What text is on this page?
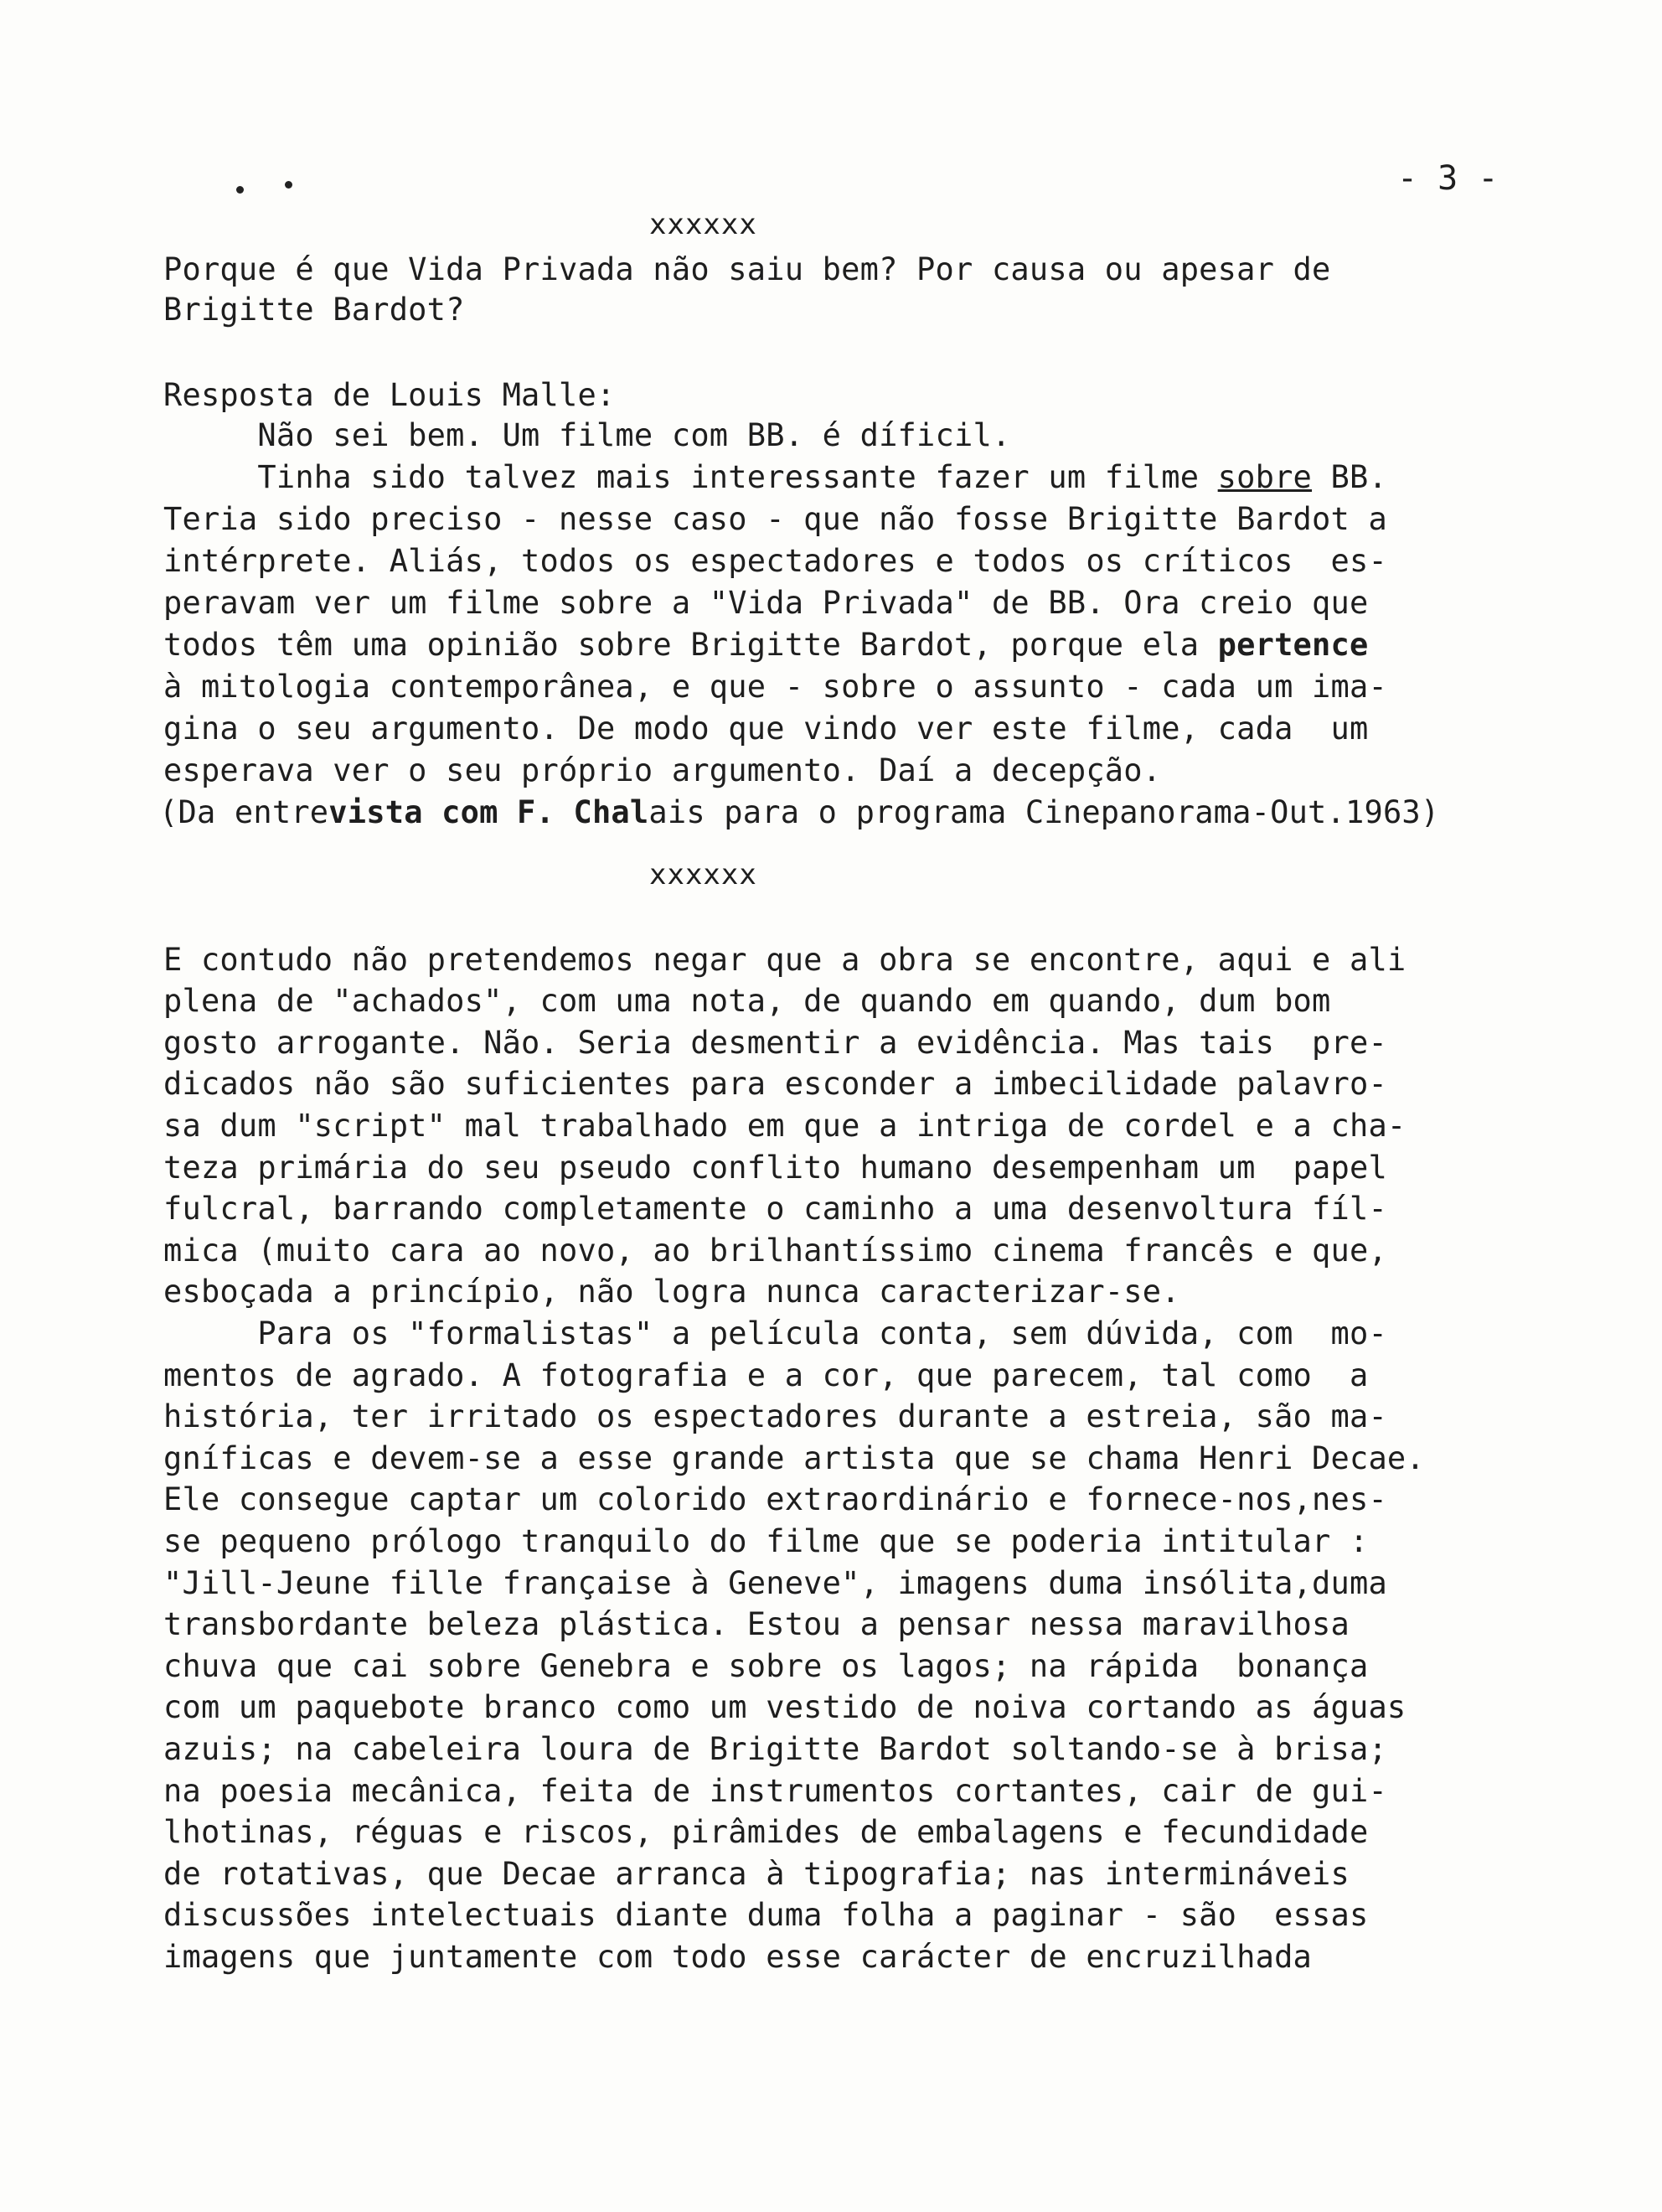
- 3 -
xxxxxx
Porque é que Vida Privada não saiu bem? Por causa ou apesar de
Brigitte Bardot?
Resposta de Louis Malle:
Não sei bem. Um filme com BB. é díficil.
Tinha sido talvez mais interessante fazer um filme sobre BB.
Teria sido preciso - nesse caso - que não fosse Brigitte Bardot a
intérprete. Aliás, todos os espectadores e todos os críticos  es-
peravam ver um filme sobre a "Vida Privada" de BB. Ora creio que
todos têm uma opinião sobre Brigitte Bardot, porque ela pertence
à mitologia contemporânea, e que - sobre o assunto - cada um ima-
gina o seu argumento. De modo que vindo ver este filme, cada  um
esperava ver o seu próprio argumento. Daí a decepção.
(Da entrevista com F. Chalais para o programa Cinepanorama-Out.1963)
xxxxxx
E contudo não pretendemos negar que a obra se encontre, aqui e ali
plena de "achados", com uma nota, de quando em quando, dum bom
gosto arrogante. Não. Seria desmentir a evidência. Mas tais  pre-
dicados não são suficientes para esconder a imbecilidade palavro-
sa dum "script" mal trabalhado em que a intriga de cordel e a cha-
teza primária do seu pseudo conflito humano desempenham um  papel
fulcral, barrando completamente o caminho a uma desenvoltura fíl-
mica (muito cara ao novo, ao brilhantíssimo cinema francês e que,
esboçada a princípio, não logra nunca caracterizar-se.
Para os "formalistas" a película conta, sem dúvida, com  mo-
mentos de agrado. A fotografia e a cor, que parecem, tal como  a
história, ter irritado os espectadores durante a estreia, são ma-
gníficas e devem-se a esse grande artista que se chama Henri Decae.
Ele consegue captar um colorido extraordinário e fornece-nos,nes-
se pequeno prólogo tranquilo do filme que se poderia intitular :
"Jill-Jeune fille française à Geneve", imagens duma insólita,duma
transbordante beleza plástica. Estou a pensar nessa maravilhosa
chuva que cai sobre Genebra e sobre os lagos; na rápida  bonança
com um paquebote branco como um vestido de noiva cortando as águas
azuis; na cabeleira loura de Brigitte Bardot soltando-se à brisa;
na poesia mecânica, feita de instrumentos cortantes, cair de gui-
lhotinas, réguas e riscos, pirâmides de embalagens e fecundidade
de rotativas, que Decae arranca à tipografia; nas intermináveis
discussões intelectuais diante duma folha a paginar - são  essas
imagens que juntamente com todo esse carácter de encruzilhada
